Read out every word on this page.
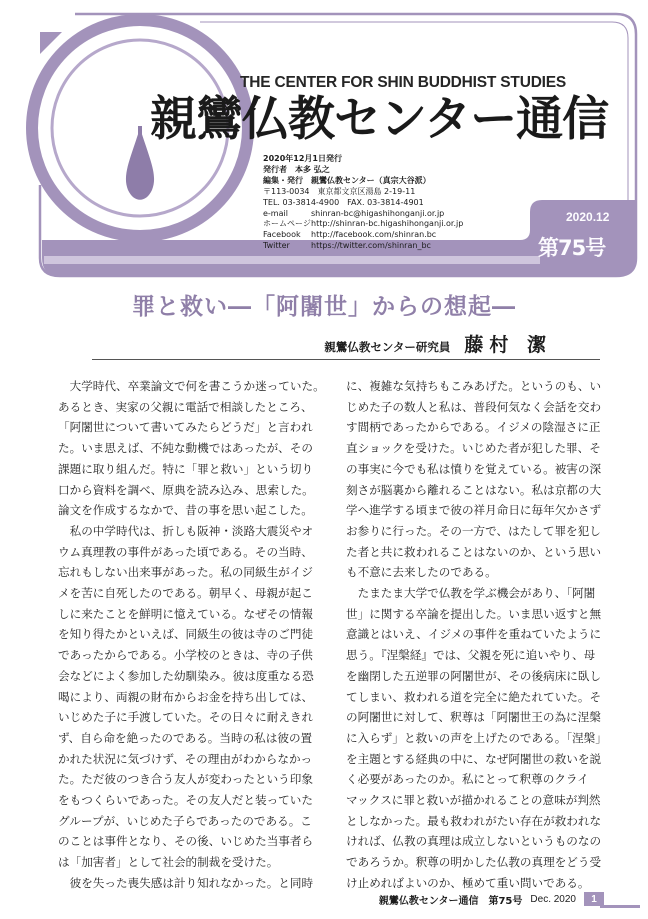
THE CENTER FOR SHIN BUDDHIST STUDIES
親鸞仏教センター通信
2020年12月1日発行
発行者　 本多 弘之
編集・発行　 親鸞仏教センター（真宗大谷派）
〒113-0034　 東京都文京区湯島 2-19-11
TEL. 03-3814-4900　 FAX. 03-3814-4901
e-mail	shinran-bc@higashihonganji.or.jp
ホームページhttp://shinran-bc.higashihonganji.or.jp
Facebook http://facebook.com/shinran.bc
Twitter	https://twitter.com/shinran_bc
2020.12
第75号
罪と救い―「阿闍世」からの想起―
親鸞仏教センター研究員 藤村 潔

　大学時代、卒業論文で何を書こうか迷っていた。

あるとき、実家の父親に電話で相談したところ、

「阿闍世について書いてみたらどうだ」と言われ

た。いま思えば、不純な動機ではあったが、その

課題に取り組んだ。特に「罪と救い」という切り

口から資料を調べ、原典を読み込み、思索した。

論文を作成するなかで、昔の事を思い起こした。

　私の中学時代は、折しも阪神・淡路大震災やオ

ウム真理教の事件があった頃である。その当時、

忘れもしない出来事があった。私の同級生がイジ

メを苦に自死したのである。朝早く、母親が起こ

しに来たことを鮮明に憶えている。なぜその情報

を知り得たかといえば、同級生の彼は寺のご門徒

であったからである。小学校のときは、寺の子供

会などによく参加した幼馴染み。彼は度重なる恐

喝により、両親の財布からお金を持ち出しては、

いじめた子に手渡していた。その日々に耐えきれ

ず、自ら命を絶ったのである。当時の私は彼の置

かれた状況に気づけず、その理由がわからなかっ

た。ただ彼のつき合う友人が変わったという印象

をもつくらいであった。その友人だと装っていた

グループが、いじめた子らであったのである。こ

のことは事件となり、その後、いじめた当事者ら

は「加害者」として社会的制裁を受けた。

　彼を失った喪失感は計り知れなかった。と同時

に、複雑な気持ちもこみあげた。というのも、い

じめた子の数人と私は、普段何気なく会話を交わ

す間柄であったからである。イジメの陰湿さに正

直ショックを受けた。いじめた者が犯した罪、そ

の事実に今でも私は憤りを覚えている。被害の深

刻さが脳裏から離れることはない。私は京都の大

学へ進学する頃まで彼の祥月命日に毎年欠かさず

お参りに行った。その一方で、はたして罪を犯し

た者と共に救われることはないのか、という思い

も不意に去来したのである。

　たまたま大学で仏教を学ぶ機会があり、「阿闍

世」に関する卒論を提出した。いま思い返すと無

意識とはいえ、イジメの事件を重ねていたように

思う。『涅槃経』では、父親を死に追いやり、母

を幽閉した五逆罪の阿闍世が、その後病床に臥し

てしまい、救われる道を完全に絶たれていた。そ

の阿闍世に対して、釈尊は「阿闍世王の為に涅槃

に入らず」と救いの声を上げたのである。「涅槃」

を主題とする経典の中に、なぜ阿闍世の救いを説

く必要があったのか。私にとって釈尊のクライ

マックスに罪と救いが描かれることの意味が判然

としなかった。最も救われがたい存在が救われな

ければ、仏教の真理は成立しないというものなの

であろうか。釈尊の明かした仏教の真理をどう受

け止めればよいのか、極めて重い問いである。

親鸞仏教センター通信　第75号 Dec. 2020	1
